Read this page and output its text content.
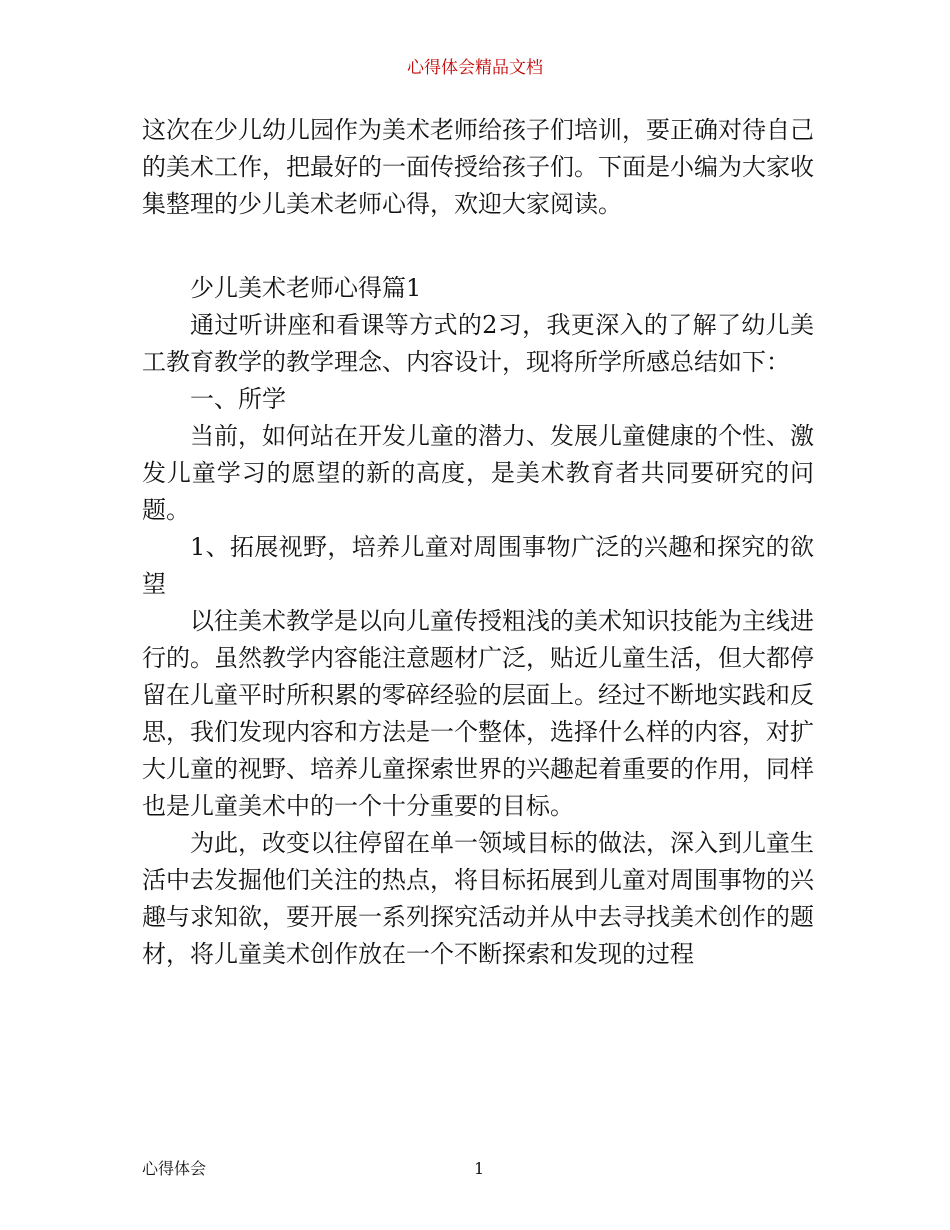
心得体会精品文档

这次在少儿幼儿园作为美术老师给孩子们培训，要正确对待自己的美术工作，把最好的一面传授给孩子们。下面是小编为大家收集整理的少儿美术老师心得，欢迎大家阅读。

少儿美术老师心得篇1

通过听讲座和看课等方式的2习，我更深入的了解了幼儿美工教育教学的教学理念、内容设计，现将所学所感总结如下：

一、所学

当前，如何站在开发儿童的潜力、发展儿童健康的个性、激发儿童学习的愿望的新的高度，是美术教育者共同要研究的问题。

1、拓展视野，培养儿童对周围事物广泛的兴趣和探究的欲望

以往美术教学是以向儿童传授粗浅的美术知识技能为主线进行的。虽然教学内容能注意题材广泛，贴近儿童生活，但大都停留在儿童平时所积累的零碎经验的层面上。经过不断地实践和反思，我们发现内容和方法是一个整体，选择什么样的内容，对扩大儿童的视野、培养儿童探索世界的兴趣起着重要的作用，同样也是儿童美术中的一个十分重要的目标。

为此，改变以往停留在单一领域目标的做法，深入到儿童生活中去发掘他们关注的热点，将目标拓展到儿童对周围事物的兴趣与求知欲，要开展一系列探究活动并从中去寻找美术创作的题材，将儿童美术创作放在一个不断探索和发现的过程

心得体会	1
